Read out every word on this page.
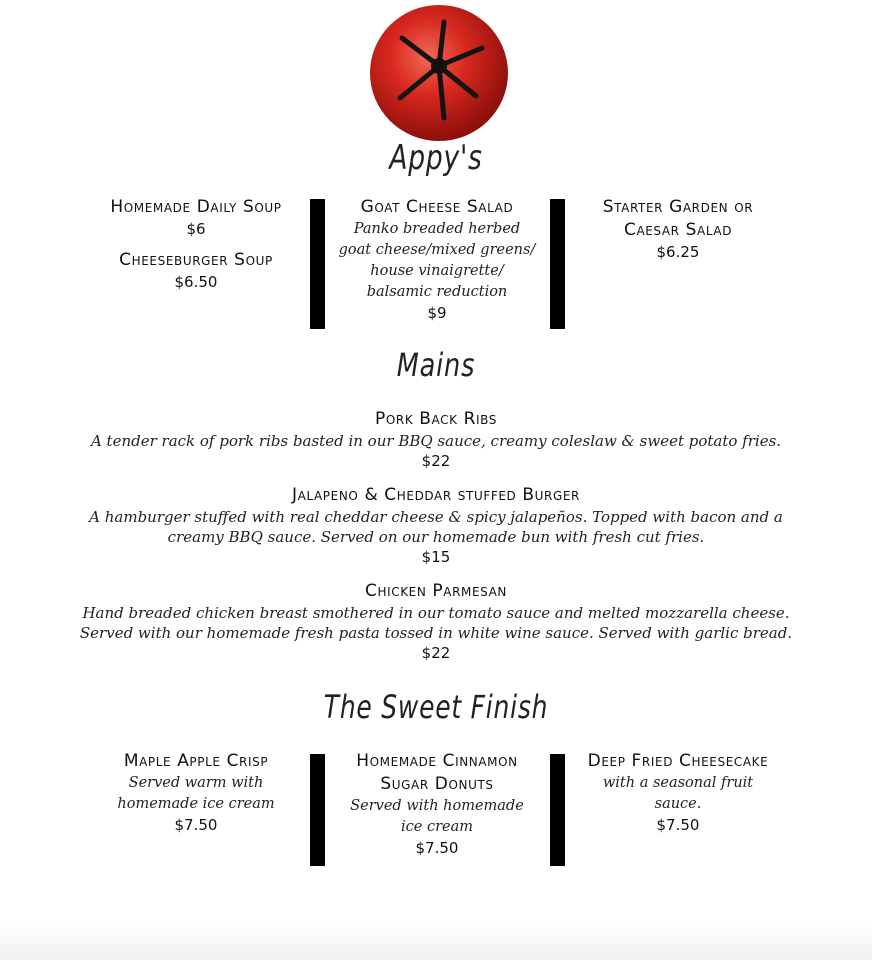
Appy's
Homemade Daily Soup
$6
Cheeseburger Soup
$6.50
Goat Cheese Salad
Panko breaded herbed goat cheese/mixed greens/ house vinaigrette/ balsamic reduction
$9
Starter Garden or Caesar Salad
$6.25
Mains
Pork Back Ribs
A tender rack of pork ribs basted in our BBQ sauce, creamy coleslaw & sweet potato fries.
$22
Jalapeno & Cheddar stuffed Burger
A hamburger stuffed with real cheddar cheese & spicy jalapeños. Topped with bacon and a creamy BBQ sauce. Served on our homemade bun with fresh cut fries.
$15
Chicken Parmesan
Hand breaded chicken breast smothered in our tomato sauce and melted mozzarella cheese. Served with our homemade fresh pasta tossed in white wine sauce. Served with garlic bread.
$22
The Sweet Finish
Maple Apple Crisp
Served warm with homemade ice cream
$7.50
Homemade Cinnamon Sugar Donuts
Served with homemade ice cream
$7.50
Deep Fried Cheesecake
with a seasonal fruit sauce.
$7.50
